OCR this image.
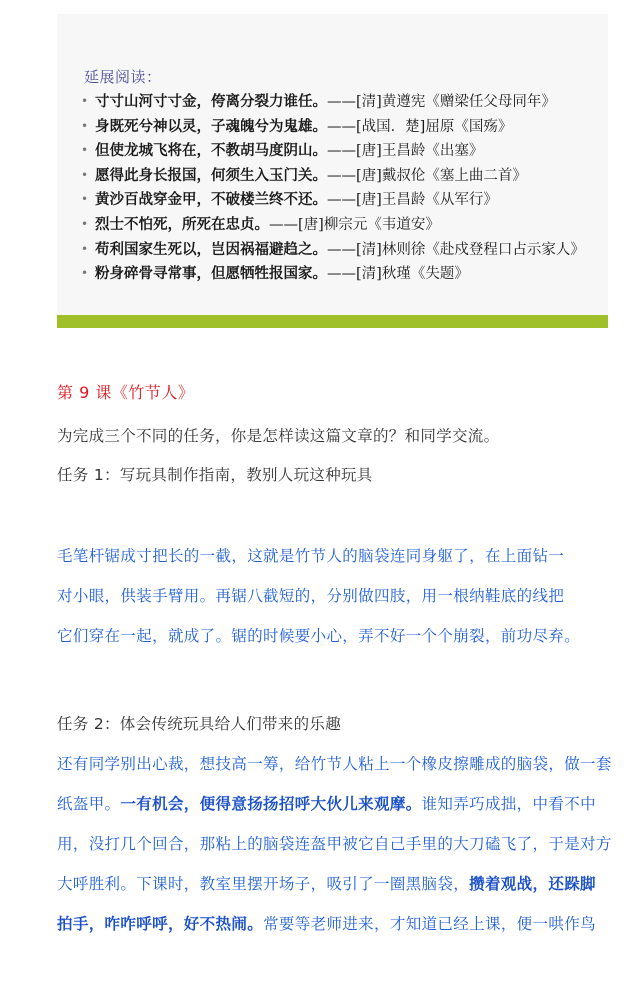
延展阅读：
• 寸寸山河寸寸金，侉离分裂力谁任。——[清]黄遵宪《赠梁任父母同年》
• 身既死兮神以灵，子魂魄兮为鬼雄。——[战国．楚]屈原《国殇》
• 但使龙城飞将在，不教胡马度阴山。——[唐]王昌龄《出塞》
• 愿得此身长报国，何须生入玉门关。——[唐]戴叔伦《塞上曲二首》
• 黄沙百战穿金甲，不破楼兰终不还。——[唐]王昌龄《从军行》
• 烈士不怕死，所死在忠贞。——[唐]柳宗元《韦道安》
• 苟利国家生死以，岂因祸福避趋之。——[清]林则徐《赴戍登程口占示家人》
• 粉身碎骨寻常事，但愿牺牲报国家。——[清]秋瑾《失题》
第 9 课《竹节人》
为完成三个不同的任务，你是怎样读这篇文章的？和同学交流。
任务 1：写玩具制作指南，教别人玩这种玩具
毛笔杆锯成寸把长的一截，这就是竹节人的脑袋连同身躯了，在上面钻一
对小眼，供装手臂用。再锯八截短的，分别做四肢，用一根纳鞋底的线把
它们穿在一起，就成了。锯的时候要小心，弄不好一个个崩裂，前功尽弃。
任务 2：体会传统玩具给人们带来的乐趣
还有同学别出心裁，想技高一筹，给竹节人粘上一个橡皮擦雕成的脑袋，做一套
纸盔甲。一有机会，便得意扬扬招呼大伙儿来观摩。谁知弄巧成拙，中看不中
用，没打几个回合，那粘上的脑袋连盔甲被它自己手里的大刀磕飞了，于是对方
大呼胜利。下课时，教室里摆开场子，吸引了一圈黑脑袋，攒着观战，还跺脚
拍手，咋咋呼呼，好不热闹。常要等老师进来，才知道已经上课，便一哄作鸟
